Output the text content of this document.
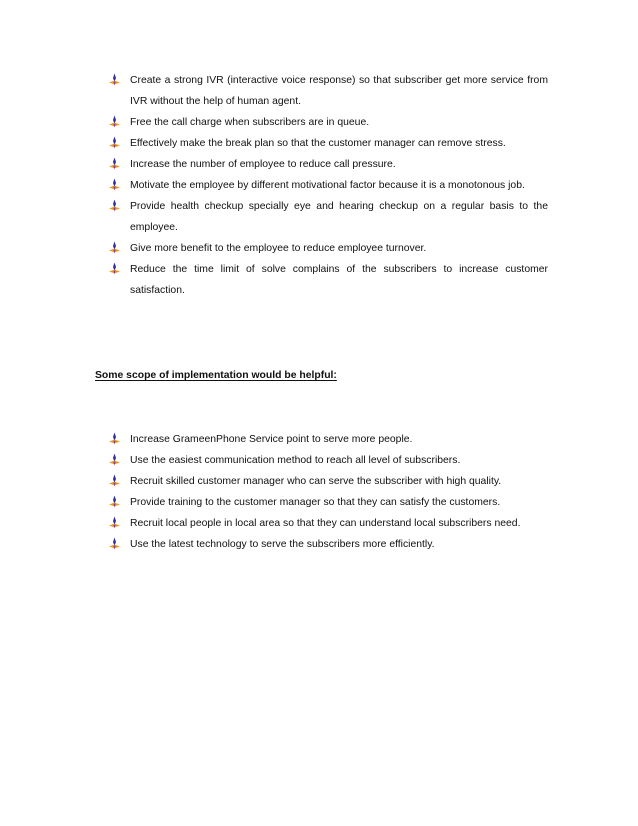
Create a strong IVR (interactive voice response) so that subscriber get more service from IVR without the help of human agent.
Free the call charge when subscribers are in queue.
Effectively make the break plan so that the customer manager can remove stress.
Increase the number of employee to reduce call pressure.
Motivate the employee by different motivational factor because it is a monotonous job.
Provide health checkup specially eye and hearing checkup on a regular basis to the employee.
Give more benefit to the employee to reduce employee turnover.
Reduce the time limit of solve complains of the subscribers to increase customer satisfaction.
Some scope of implementation would be helpful:
Increase GrameenPhone Service point to serve more people.
Use the easiest communication method to reach all level of subscribers.
Recruit skilled customer manager who can serve the subscriber with high quality.
Provide training to the customer manager so that they can satisfy the customers.
Recruit local people in local area so that they can understand local subscribers need.
Use the latest technology to serve the subscribers more efficiently.
